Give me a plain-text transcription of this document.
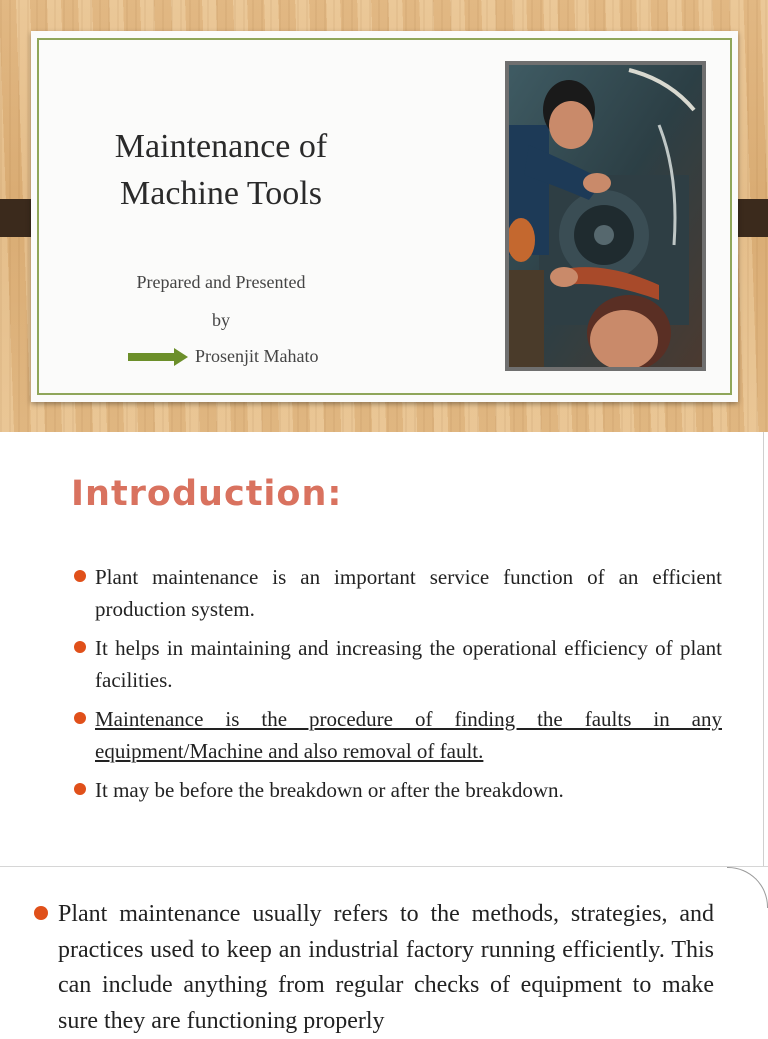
Maintenance of
Machine Tools
Prepared and Presented
by
Prosenjit Mahato
Introduction:
Plant maintenance is an important service function of an efficient production system.
It helps in maintaining and increasing the operational efficiency of plant facilities.
Maintenance is the procedure of finding the faults in any equipment/Machine and also removal of fault.
It may be before the breakdown or after the breakdown.
Plant maintenance usually refers to the methods, strategies, and practices used to keep an industrial factory running efficiently. This can include anything from regular checks of equipment to make sure they are functioning properly
